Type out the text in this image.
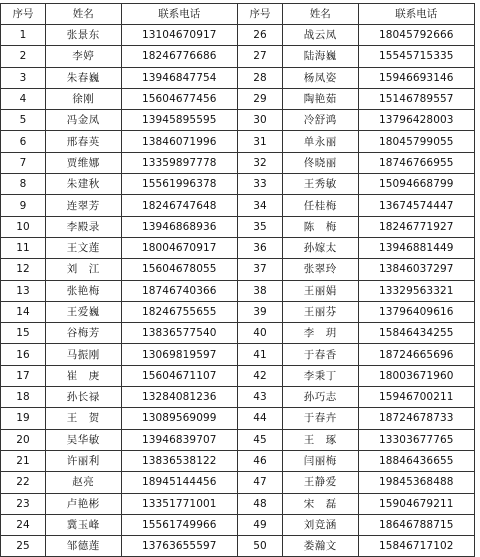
序号	姓名	联系电话	序号	姓名	联系电话
1	张景东	13104670917	26	战云凤	18045792666
2	李婷	18246776686	27	陆海巍	15545715335
3	朱春巍	13946847754	28	杨凤姿	15946693146
4	徐刚	15604677456	29	陶艳茹	15146789557
5	冯金凤	13945895595	30	冷舒鸿	13796428003
6	邢春英	13846071996	31	单永丽	18045799055
7	贾维娜	13359897778	32	佟晓丽	18746766955
8	朱建秋	15561996378	33	王秀敏	15094668799
9	连翠芳	18246747648	34	任桂梅	13674574447
10	李殿录	13946868936	35	陈　梅	18246771927
11	王文莲	18004670917	36	孙嫁太	13946881449
12	刘　江	15604678055	37	张翠玲	13846037297
13	张艳梅	18746740366	38	王丽娟	13329563321
14	王爱巍	18246755655	39	王丽芬	13796409616
15	谷梅芳	13836577540	40	李　玥	15846434255
16	马振刚	13069819597	41	于春香	18724665696
17	崔　庚	15604671107	42	李秉丁	18003671960
18	孙长禄	13284081236	43	孙巧志	15946700211
19	王　贺	13089569099	44	于春卉	18724678733
20	吴华敏	13946839707	45	王　琢	13303677765
21	许丽利	13836538122	46	闫丽梅	18846436655
22	赵亮	18945144456	47	王静爱	19845368488
23	卢艳彬	13351771001	48	宋　磊	15904679211
24	冀玉峰	15561749966	49	刘竞涵	18646788715
25	邹德莲	13763655597	50	娄瀚文	15846717102
